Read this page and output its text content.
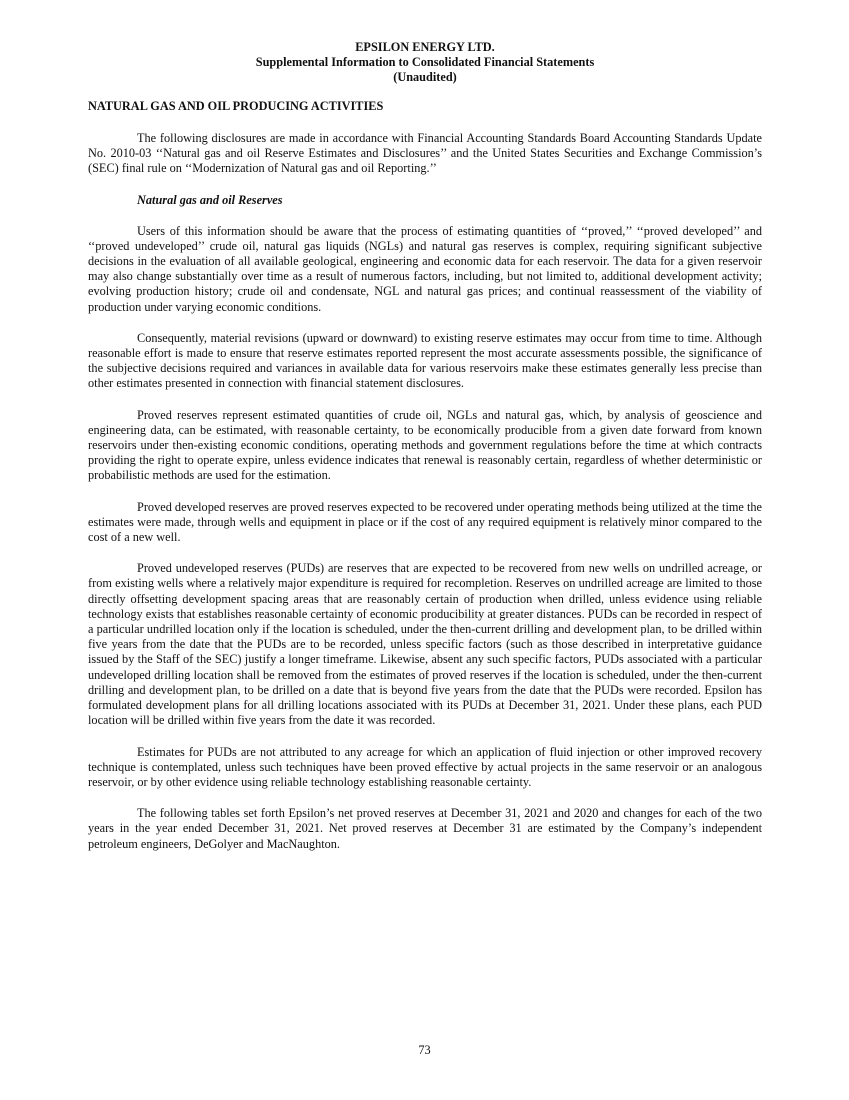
EPSILON ENERGY LTD.
Supplemental Information to Consolidated Financial Statements
(Unaudited)
NATURAL GAS AND OIL PRODUCING ACTIVITIES

The following disclosures are made in accordance with Financial Accounting Standards Board Accounting Standards Update No. 2010-03 ‘‘Natural gas and oil Reserve Estimates and Disclosures’’ and the United States Securities and Exchange Commission’s (SEC) final rule on ‘‘Modernization of Natural gas and oil Reporting.’’

Natural gas and oil Reserves

Users of this information should be aware that the process of estimating quantities of ‘‘proved,’’ ‘‘proved developed’’ and ‘‘proved undeveloped’’ crude oil, natural gas liquids (NGLs) and natural gas reserves is complex, requiring significant subjective decisions in the evaluation of all available geological, engineering and economic data for each reservoir. The data for a given reservoir may also change substantially over time as a result of numerous factors, including, but not limited to, additional development activity; evolving production history; crude oil and condensate, NGL and natural gas prices; and continual reassessment of the viability of production under varying economic conditions.

Consequently, material revisions (upward or downward) to existing reserve estimates may occur from time to time. Although reasonable effort is made to ensure that reserve estimates reported represent the most accurate assessments possible, the significance of the subjective decisions required and variances in available data for various reservoirs make these estimates generally less precise than other estimates presented in connection with financial statement disclosures.

Proved reserves represent estimated quantities of crude oil, NGLs and natural gas, which, by analysis of geoscience and engineering data, can be estimated, with reasonable certainty, to be economically producible from a given date forward from known reservoirs under then-existing economic conditions, operating methods and government regulations before the time at which contracts providing the right to operate expire, unless evidence indicates that renewal is reasonably certain, regardless of whether deterministic or probabilistic methods are used for the estimation.

Proved developed reserves are proved reserves expected to be recovered under operating methods being utilized at the time the estimates were made, through wells and equipment in place or if the cost of any required equipment is relatively minor compared to the cost of a new well.

Proved undeveloped reserves (PUDs) are reserves that are expected to be recovered from new wells on undrilled acreage, or from existing wells where a relatively major expenditure is required for recompletion. Reserves on undrilled acreage are limited to those directly offsetting development spacing areas that are reasonably certain of production when drilled, unless evidence using reliable technology exists that establishes reasonable certainty of economic producibility at greater distances. PUDs can be recorded in respect of a particular undrilled location only if the location is scheduled, under the then-current drilling and development plan, to be drilled within five years from the date that the PUDs are to be recorded, unless specific factors (such as those described in interpretative guidance issued by the Staff of the SEC) justify a longer timeframe. Likewise, absent any such specific factors, PUDs associated with a particular undeveloped drilling location shall be removed from the estimates of proved reserves if the location is scheduled, under the then-current drilling and development plan, to be drilled on a date that is beyond five years from the date that the PUDs were recorded. Epsilon has formulated development plans for all drilling locations associated with its PUDs at December 31, 2021. Under these plans, each PUD location will be drilled within five years from the date it was recorded.

Estimates for PUDs are not attributed to any acreage for which an application of fluid injection or other improved recovery technique is contemplated, unless such techniques have been proved effective by actual projects in the same reservoir or an analogous reservoir, or by other evidence using reliable technology establishing reasonable certainty.

The following tables set forth Epsilon’s net proved reserves at December 31, 2021 and 2020 and changes for each of the two years in the year ended December 31, 2021. Net proved reserves at December 31 are estimated by the Company’s independent petroleum engineers, DeGolyer and MacNaughton.

73
